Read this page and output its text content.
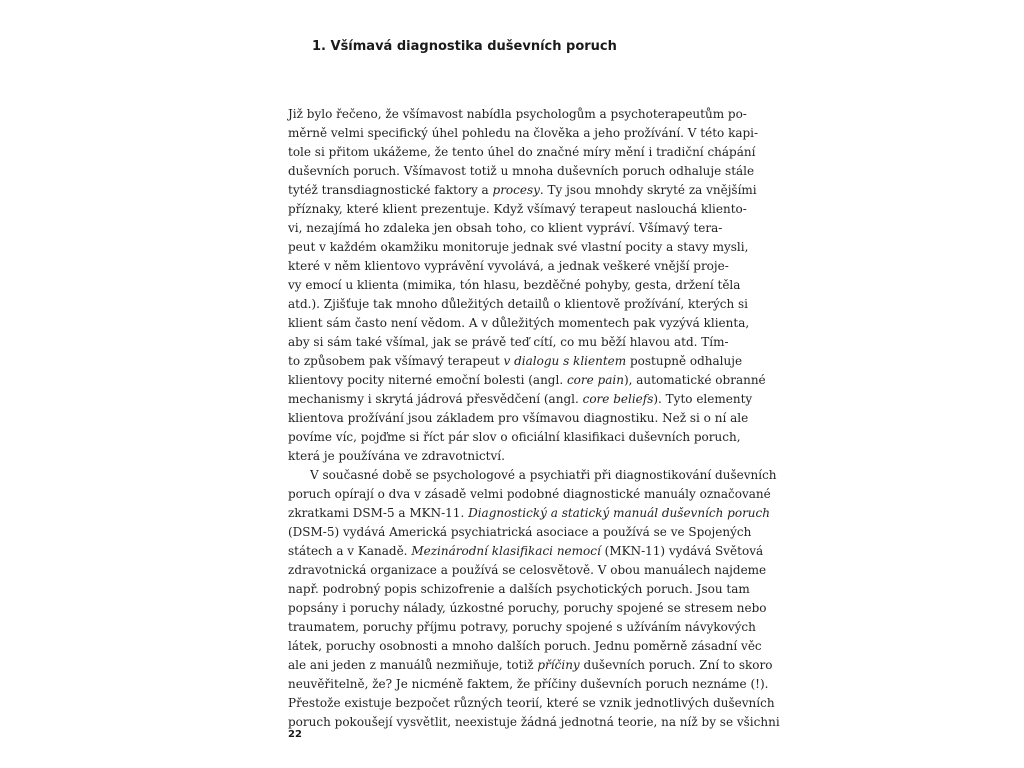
1. Všímavá diagnostika duševních poruch
Již bylo řečeno, že všímavost nabídla psychologům a psychoterapeutům po-
měrně velmi specifický úhel pohledu na člověka a jeho prožívání. V této kapi-
tole si přitom ukážeme, že tento úhel do značné míry mění i tradiční chápání
duševních poruch. Všímavost totiž u mnoha duševních poruch odhaluje stále
tytéž transdiagnostické faktory a procesy. Ty jsou mnohdy skryté za vnějšími
příznaky, které klient prezentuje. Když všímavý terapeut naslouchá kliento-
vi, nezajímá ho zdaleka jen obsah toho, co klient vypráví. Všímavý tera-
peut v každém okamžiku monitoruje jednak své vlastní pocity a stavy mysli,
které v něm klientovo vyprávění vyvolává, a jednak veškeré vnější proje-
vy emocí u klienta (mimika, tón hlasu, bezděčné pohyby, gesta, držení těla
atd.). Zjišťuje tak mnoho důležitých detailů o klientově prožívání, kterých si
klient sám často není vědom. A v důležitých momentech pak vyzývá klienta,
aby si sám také všímal, jak se právě teď cítí, co mu běží hlavou atd. Tím-
to způsobem pak všímavý terapeut v dialogu s klientem postupně odhaluje
klientovy pocity niterné emoční bolesti (angl. core pain), automatické obranné
mechanismy i skrytá jádrová přesvědčení (angl. core beliefs). Tyto elementy
klientova prožívání jsou základem pro všímavou diagnostiku. Než si o ní ale
povíme víc, pojďme si říct pár slov o oficiální klasifikaci duševních poruch,
která je používána ve zdravotnictví.
V současné době se psychologové a psychiatři při diagnostikování duševních
poruch opírají o dva v zásadě velmi podobné diagnostické manuály označované
zkratkami DSM-5 a MKN-11. Diagnostický a statický manuál duševních poruch
(DSM-5) vydává Americká psychiatrická asociace a používá se ve Spojených
státech a v Kanadě. Mezinárodní klasifikaci nemocí (MKN-11) vydává Světová
zdravotnická organizace a používá se celosvětově. V obou manuálech najdeme
např. podrobný popis schizofrenie a dalších psychotických poruch. Jsou tam
popsány i poruchy nálady, úzkostné poruchy, poruchy spojené se stresem nebo
traumatem, poruchy příjmu potravy, poruchy spojené s užíváním návykových
látek, poruchy osobnosti a mnoho dalších poruch. Jednu poměrně zásadní věc
ale ani jeden z manuálů nezmiňuje, totiž příčiny duševních poruch. Zní to skoro
neuvěřitelně, že? Je nicméně faktem, že příčiny duševních poruch neznáme (!).
Přestože existuje bezpočet různých teorií, které se vznik jednotlivých duševních
poruch pokoušejí vysvětlit, neexistuje žádná jednotná teorie, na níž by se všichni
22
